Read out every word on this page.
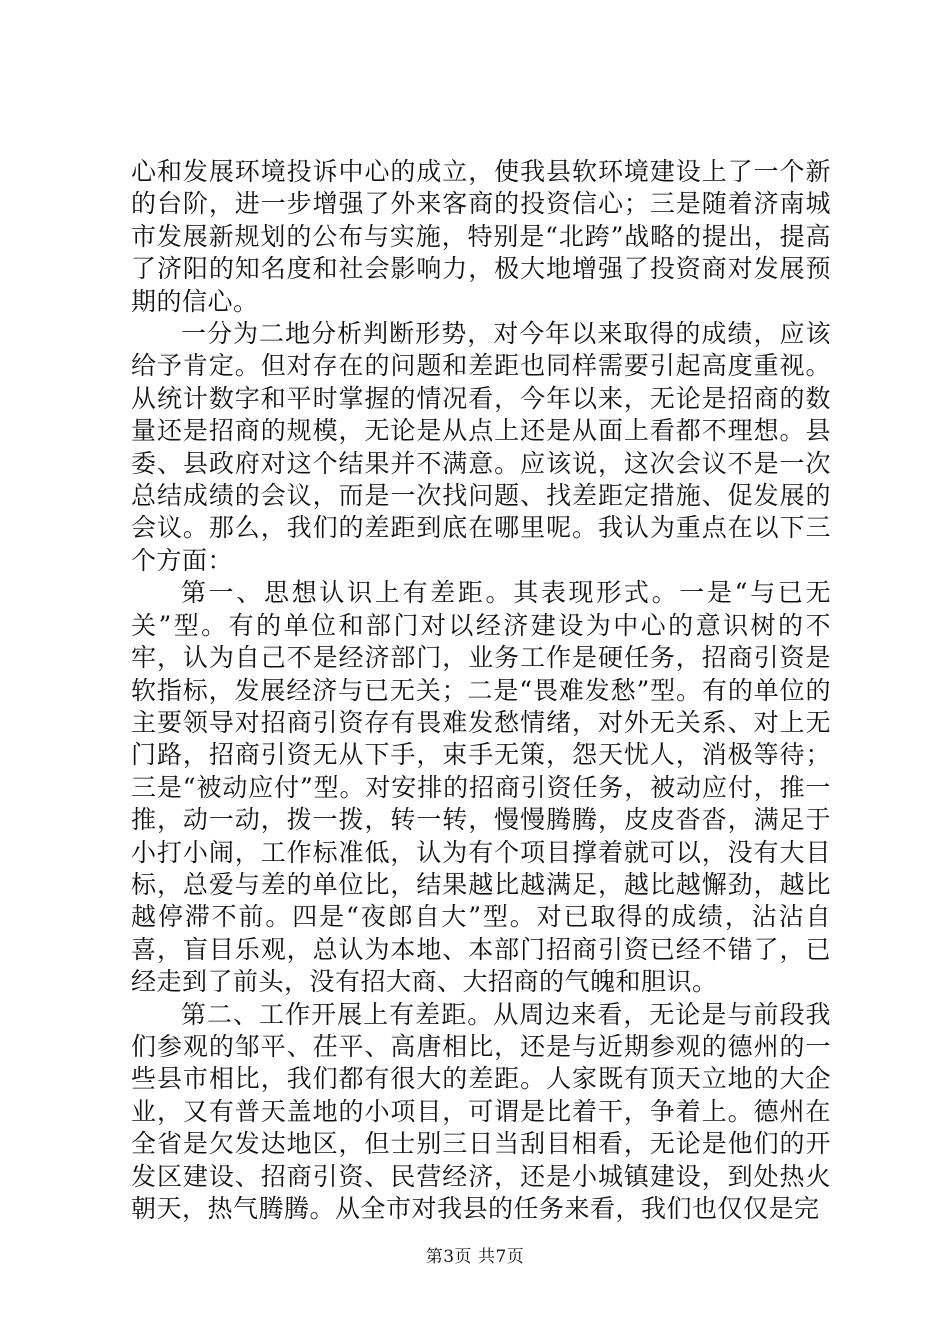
心和发展环境投诉中心的成立，使我县软环境建设上了一个新的台阶，进一步增强了外来客商的投资信心；三是随着济南城市发展新规划的公布与实施，特别是“北跨”战略的提出，提高了济阳的知名度和社会影响力，极大地增强了投资商对发展预期的信心。

一分为二地分析判断形势，对今年以来取得的成绩，应该给予肯定。但对存在的问题和差距也同样需要引起高度重视。从统计数字和平时掌握的情况看，今年以来，无论是招商的数量还是招商的规模，无论是从点上还是从面上看都不理想。县委、县政府对这个结果并不满意。应该说，这次会议不是一次总结成绩的会议，而是一次找问题、找差距定措施、促发展的会议。那么，我们的差距到底在哪里呢。我认为重点在以下三个方面：

第一、思想认识上有差距。其表现形式。一是“与已无关”型。有的单位和部门对以经济建设为中心的意识树的不牢，认为自己不是经济部门，业务工作是硬任务，招商引资是软指标，发展经济与已无关；二是“畏难发愁”型。有的单位的主要领导对招商引资存有畏难发愁情绪，对外无关系、对上无门路，招商引资无从下手，束手无策，怨天忧人，消极等待；三是“被动应付”型。对安排的招商引资任务，被动应付，推一推，动一动，拨一拨，转一转，慢慢腾腾，皮皮沓沓，满足于小打小闹，工作标准低，认为有个项目撑着就可以，没有大目标，总爱与差的单位比，结果越比越满足，越比越懈劲，越比越停滞不前。四是“夜郎自大”型。对已取得的成绩，沾沾自喜，盲目乐观，总认为本地、本部门招商引资已经不错了，已经走到了前头，没有招大商、大招商的气魄和胆识。

第二、工作开展上有差距。从周边来看，无论是与前段我们参观的邹平、茌平、高唐相比，还是与近期参观的德州的一些县市相比，我们都有很大的差距。人家既有顶天立地的大企业，又有普天盖地的小项目，可谓是比着干，争着上。德州在全省是欠发达地区，但士别三日当刮目相看，无论是他们的开发区建设、招商引资、民营经济，还是小城镇建设，到处热火朝天，热气腾腾。从全市对我县的任务来看，我们也仅仅是完

第3页 共7页
